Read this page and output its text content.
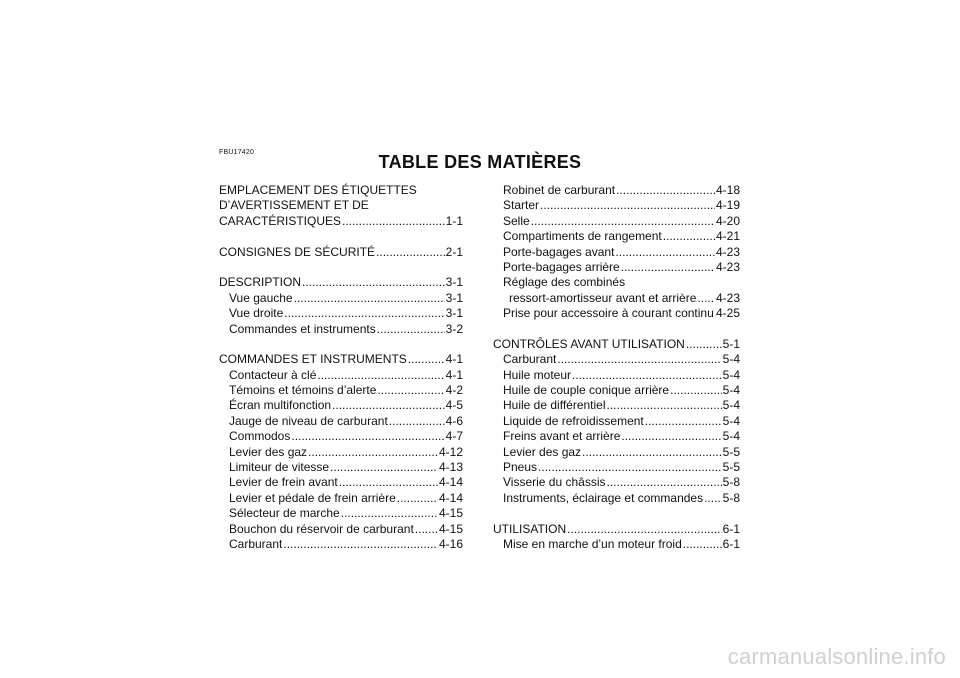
FBU17420	TABLE DES MATIÈRES
EMPLACEMENT DES ÉTIQUETTES
D’AVERTISSEMENT ET DE
CARACTÉRISTIQUES .....	1-1
CONSIGNES DE SÉCURITÉ .....	2-1
DESCRIPTION .....	3-1
Vue gauche .....	3-1
Vue droite .....	3-1
Commandes et instruments .....	3-2
COMMANDES ET INSTRUMENTS .....	4-1
Contacteur à clé .....	4-1
Témoins et témoins d’alerte .....	4-2
Écran multifonction .....	4-5
Jauge de niveau de carburant .....	4-6
Commodos .....	4-7
Levier des gaz .....	4-12
Limiteur de vitesse .....	4-13
Levier de frein avant .....	4-14
Levier et pédale de frein arrière .....	4-14
Sélecteur de marche .....	4-15
Bouchon du réservoir de carburant ..... 4-15
Carburant .....	4-16
Robinet de carburant .....	4-18
Starter .....	4-19
Selle .....	4-20
Compartiments de rangement .....	4-21
Porte-bagages avant .....	4-23
Porte-bagages arrière .....	4-23
Réglage des combinés
ressort-amortisseur avant et arrière ..... 4-23
Prise pour accessoire à courant continu ..... 4-25
CONTRÔLES AVANT UTILISATION .....	5-1
Carburant .....	5-4
Huile moteur .....	5-4
Huile de couple conique arrière .....	5-4
Huile de différentiel .....	5-4
Liquide de refroidissement .....	5-4
Freins avant et arrière .....	5-4
Levier des gaz .....	5-5
Pneus .....	5-5
Visserie du châssis .....	5-8
Instruments, éclairage et commandes ..... 5-8
UTILISATION .....	6-1
Mise en marche d’un moteur froid .....	6-1
carmanualsonline.info
